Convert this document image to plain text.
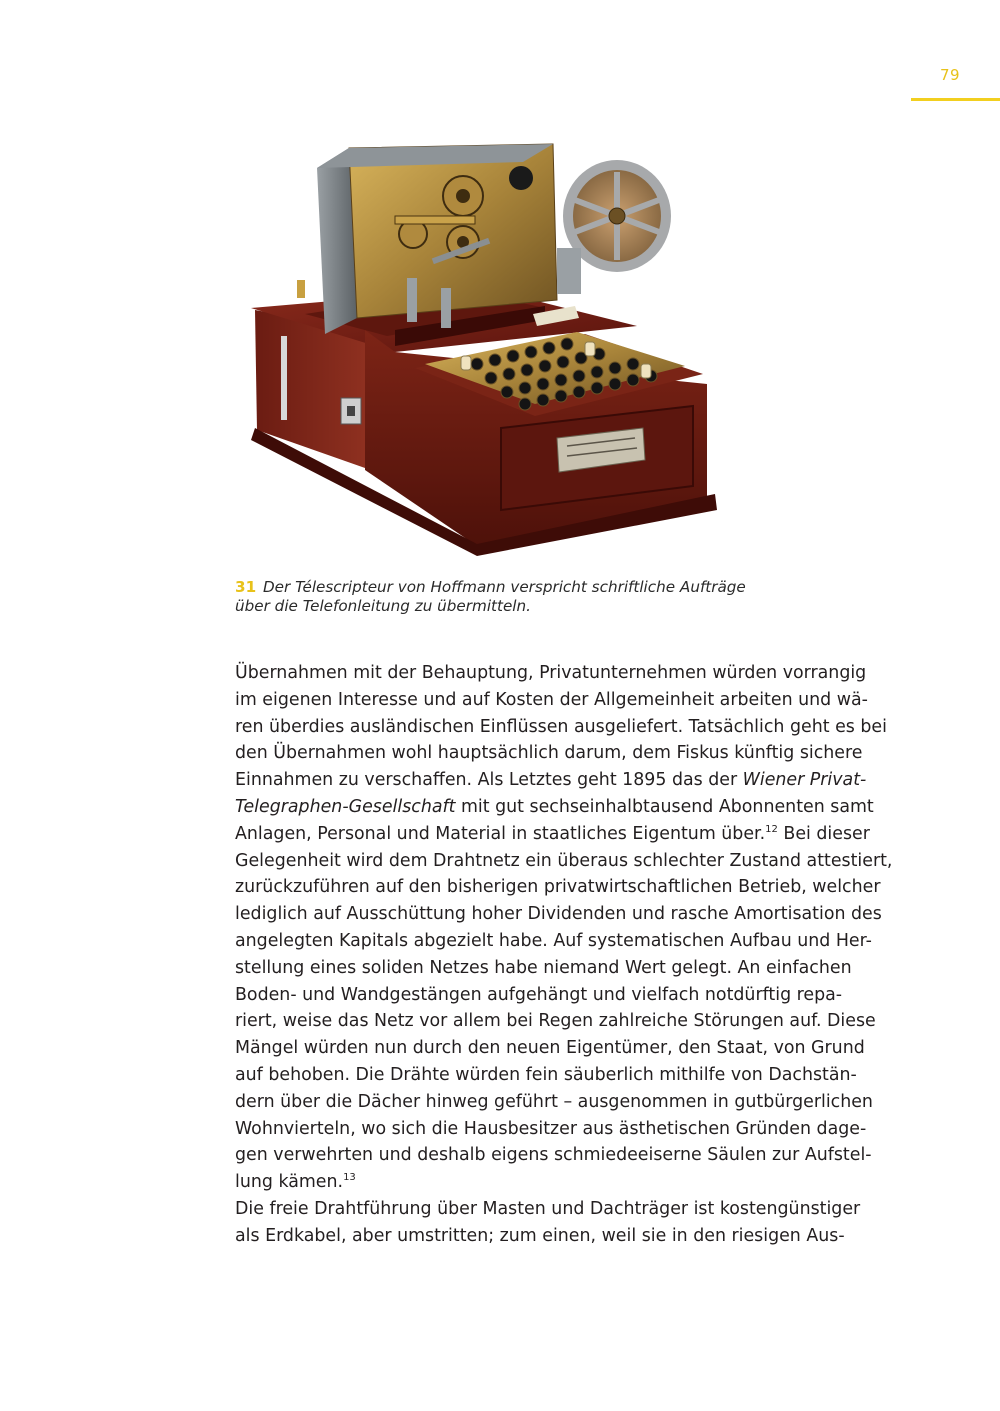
79
31 Der Télescripteur von Hoffmann verspricht schriftliche Aufträge
über die Telefonleitung zu übermitteln.
Übernahmen mit der Behauptung, Privatunternehmen würden vorrangig
im eigenen Interesse und auf Kosten der Allgemeinheit arbeiten und wä-
ren überdies ausländischen Einflüssen ausgeliefert. Tatsächlich geht es bei
den Übernahmen wohl hauptsächlich darum, dem Fiskus künftig sichere
Einnahmen zu verschaffen. Als Letztes geht 1895 das der Wiener Privat-
Telegraphen-Gesellschaft mit gut sechseinhalbtausend Abonnenten samt
Anlagen, Personal und Material in staatliches Eigentum über.$^{12}$ Bei dieser
Gelegenheit wird dem Drahtnetz ein überaus schlechter Zustand attestiert,
zurückzuführen auf den bisherigen privatwirtschaftlichen Betrieb, welcher
lediglich auf Ausschüttung hoher Dividenden und rasche Amortisation des
angelegten Kapitals abgezielt habe. Auf systematischen Aufbau und Her-
stellung eines soliden Netzes habe niemand Wert gelegt. An einfachen
Boden- und Wandgestängen aufgehängt und vielfach notdürftig repa-
riert, weise das Netz vor allem bei Regen zahlreiche Störungen auf. Diese
Mängel würden nun durch den neuen Eigentümer, den Staat, von Grund
auf behoben. Die Drähte würden fein säuberlich mithilfe von Dachstän-
dern über die Dächer hinweg geführt – ausgenommen in gutbürgerlichen
Wohnvierteln, wo sich die Hausbesitzer aus ästhetischen Gründen dage-
gen verwehrten und deshalb eigens schmiedeeiserne Säulen zur Aufstel-
lung kämen.$^{13}$
Die freie Drahtführung über Masten und Dachträger ist kostengünstiger
als Erdkabel, aber umstritten; zum einen, weil sie in den riesigen Aus-
